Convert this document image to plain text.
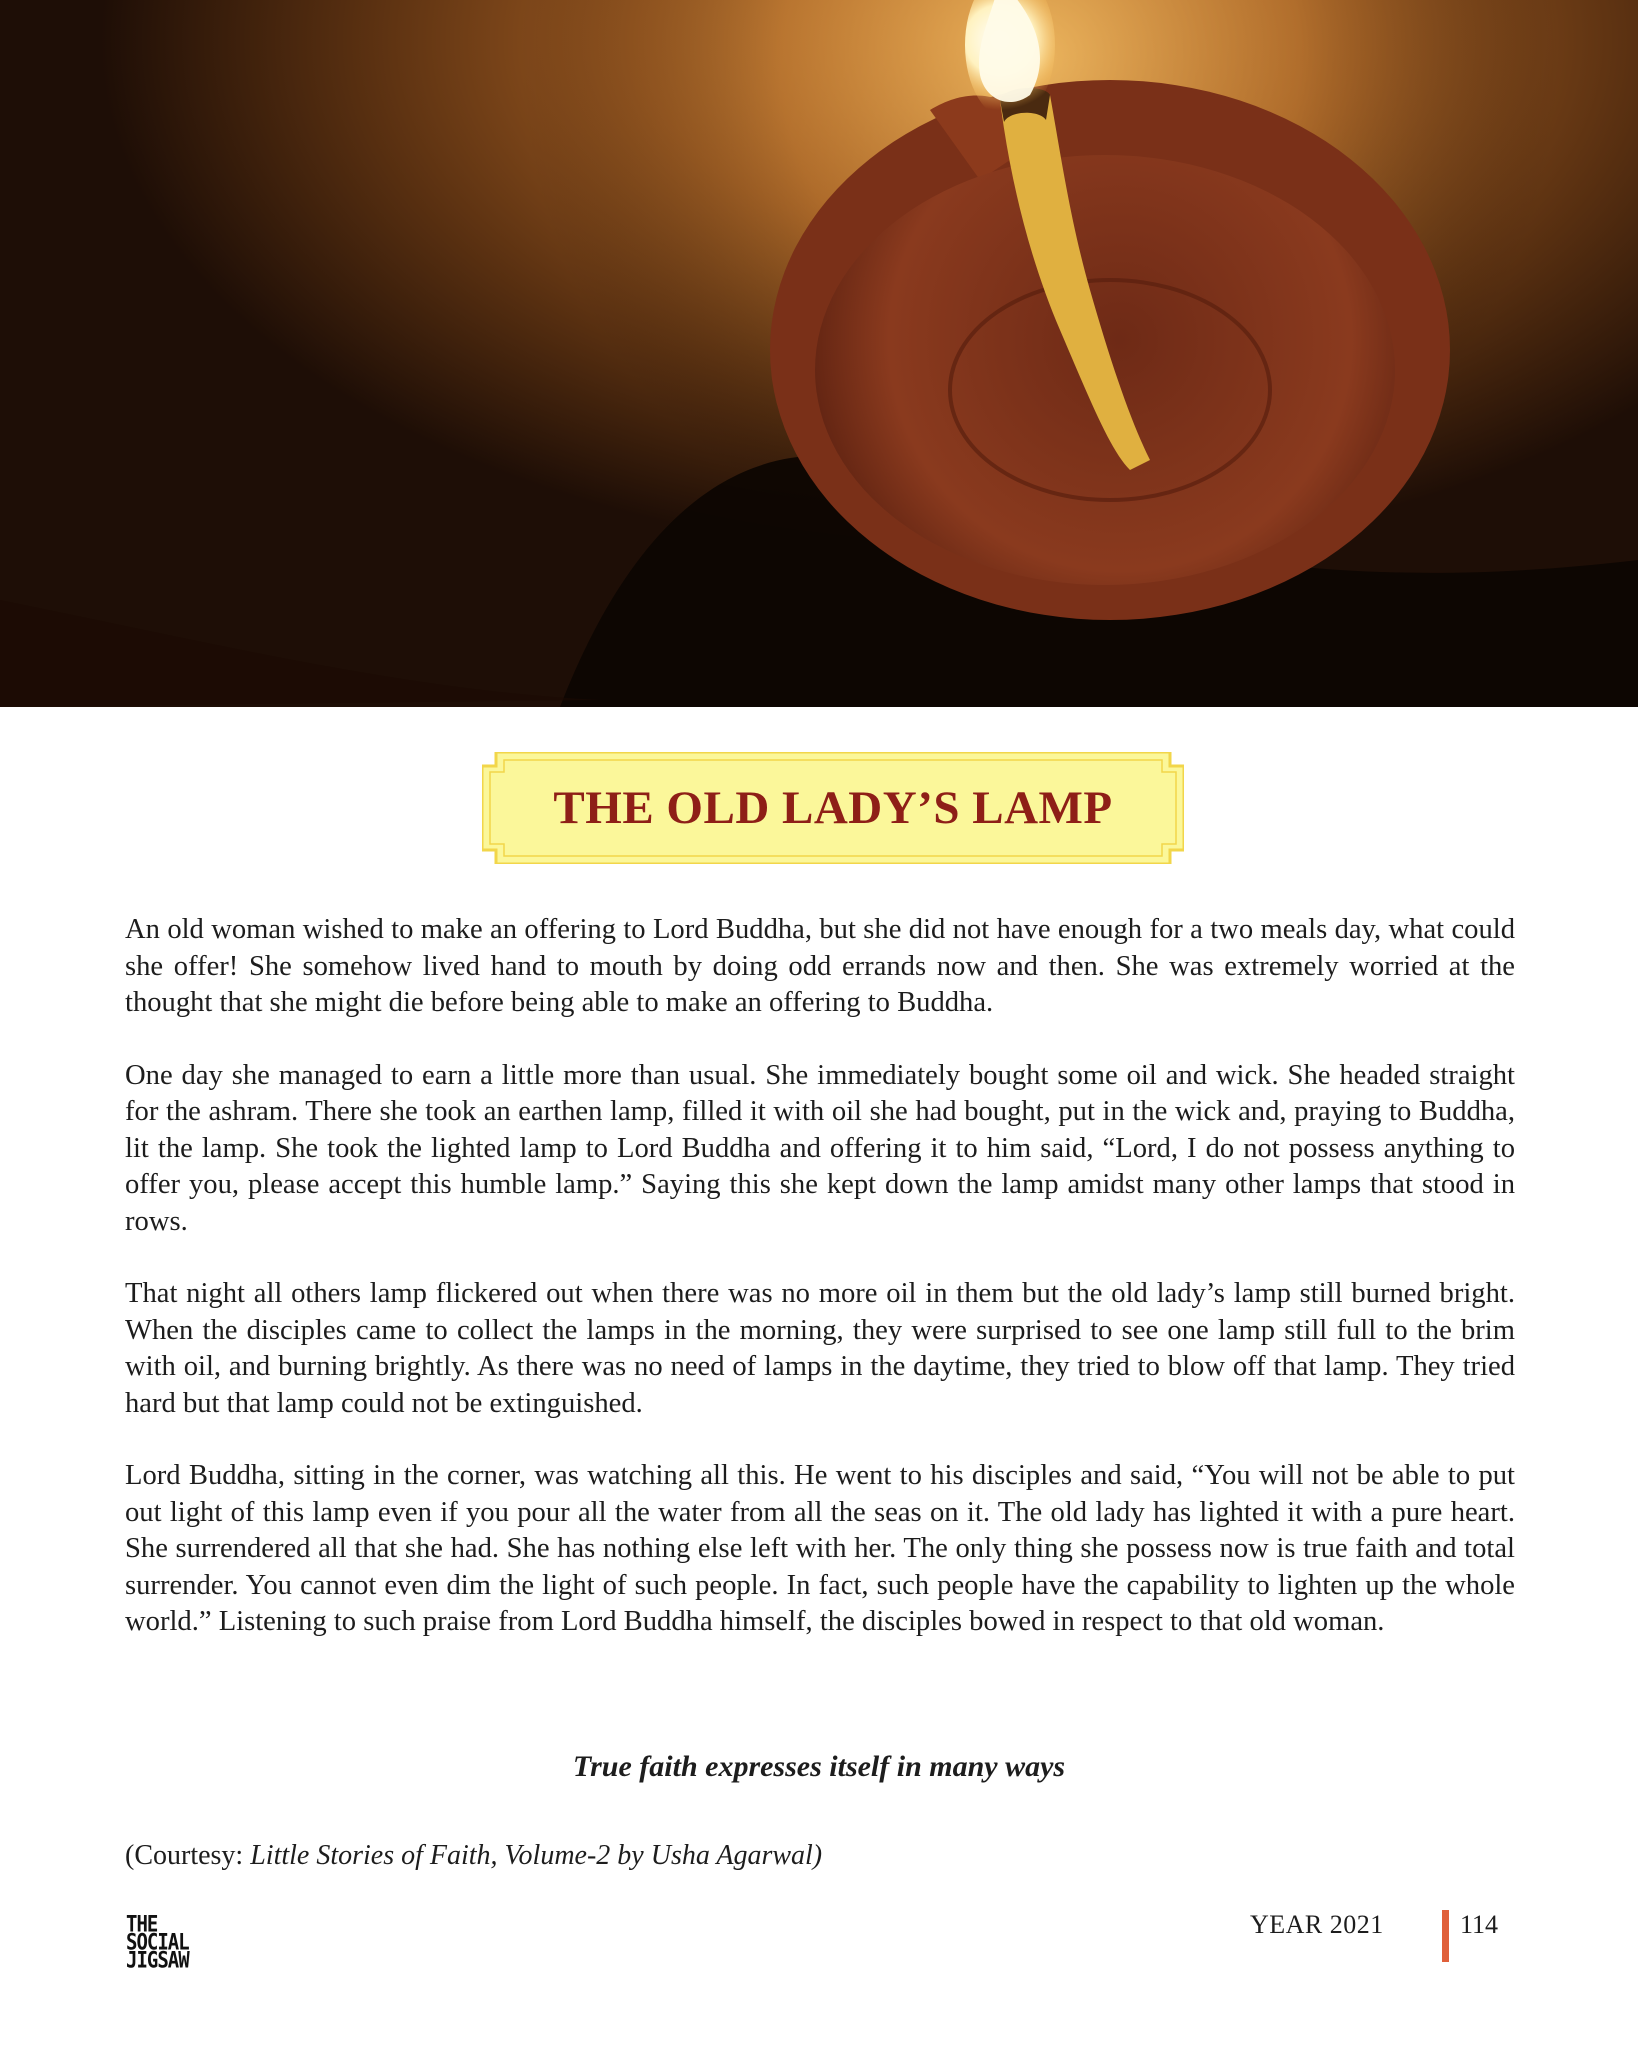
THE OLD LADY’S LAMP

An old woman wished to make an offering to Lord Buddha, but she did not have enough for a two meals day, what could she offer! She somehow lived hand to mouth by doing odd errands now and then. She was extremely worried at the thought that she might die before being able to make an offering to Buddha.

One day she managed to earn a little more than usual. She immediately bought some oil and wick. She headed straight for the ashram. There she took an earthen lamp, filled it with oil she had bought, put in the wick and, praying to Buddha, lit the lamp. She took the lighted lamp to Lord Buddha and offering it to him said, “Lord, I do not possess anything to offer you, please accept this humble lamp.” Saying this she kept down the lamp amidst many other lamps that stood in rows.

That night all others lamp flickered out when there was no more oil in them but the old lady’s lamp still burned bright. When the disciples came to collect the lamps in the morning, they were surprised to see one lamp still full to the brim with oil, and burning brightly. As there was no need of lamps in the daytime, they tried to blow off that lamp. They tried hard but that lamp could not be extinguished.

Lord Buddha, sitting in the corner, was watching all this. He went to his disciples and said, “You will not be able to put out light of this lamp even if you pour all the water from all the seas on it. The old lady has lighted it with a pure heart. She surrendered all that she had. She has nothing else left with her. The only thing she possess now is true faith and total surrender. You cannot even dim the light of such people. In fact, such people have the capability to lighten up the whole world.” Listening to such praise from Lord Buddha himself, the disciples bowed in respect to that old woman.

True faith expresses itself in many ways
(Courtesy: Little Stories of Faith, Volume-2 by Usha Agarwal)
THE
SOCIAL
JIGSAW
YEAR 2021	114
